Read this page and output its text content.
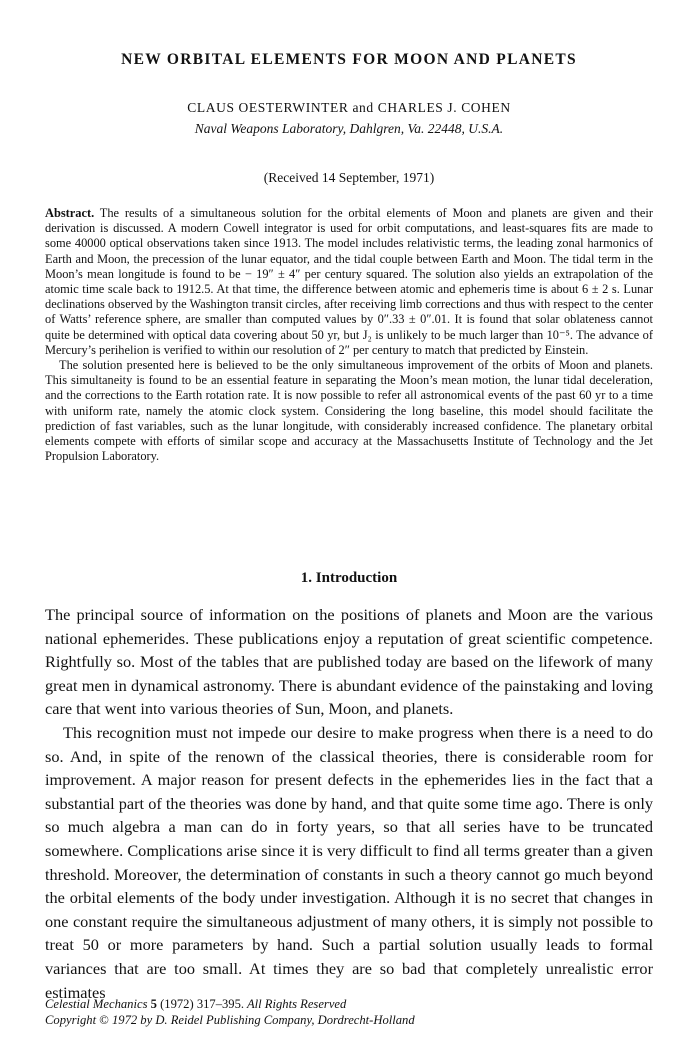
NEW ORBITAL ELEMENTS FOR MOON AND PLANETS
CLAUS OESTERWINTER and CHARLES J. COHEN
Naval Weapons Laboratory, Dahlgren, Va. 22448, U.S.A.
(Received 14 September, 1971)

Abstract. The results of a simultaneous solution for the orbital elements of Moon and planets are given and their derivation is discussed. A modern Cowell integrator is used for orbit computations, and least-squares fits are made to some 40000 optical observations taken since 1913. The model includes relativistic terms, the leading zonal harmonics of Earth and Moon, the precession of the lunar equator, and the tidal couple between Earth and Moon. The tidal term in the Moon’s mean longitude is found to be − 19″ ± 4″ per century squared. The solution also yields an extrapolation of the atomic time scale back to 1912.5. At that time, the difference between atomic and ephemeris time is about 6 ± 2 s. Lunar declinations observed by the Washington transit circles, after receiving limb corrections and thus with respect to the center of Watts’ reference sphere, are smaller than computed values by 0″.33 ± 0″.01. It is found that solar oblateness cannot quite be determined with optical data covering about 50 yr, but J₂ is unlikely to be much larger than 10⁻⁵. The advance of Mercury’s perihelion is verified to within our resolution of 2″ per century to match that predicted by Einstein.

The solution presented here is believed to be the only simultaneous improvement of the orbits of Moon and planets. This simultaneity is found to be an essential feature in separating the Moon’s mean motion, the lunar tidal deceleration, and the corrections to the Earth rotation rate. It is now possible to refer all astronomical events of the past 60 yr to a time with uniform rate, namely the atomic clock system. Considering the long baseline, this model should facilitate the prediction of fast variables, such as the lunar longitude, with considerably increased confidence. The planetary orbital elements compete with efforts of similar scope and accuracy at the Massachusetts Institute of Technology and the Jet Propulsion Laboratory.

1. Introduction

The principal source of information on the positions of planets and Moon are the various national ephemerides. These publications enjoy a reputation of great scientific competence. Rightfully so. Most of the tables that are published today are based on the lifework of many great men in dynamical astronomy. There is abundant evidence of the painstaking and loving care that went into various theories of Sun, Moon, and planets.

This recognition must not impede our desire to make progress when there is a need to do so. And, in spite of the renown of the classical theories, there is considerable room for improvement. A major reason for present defects in the ephemerides lies in the fact that a substantial part of the theories was done by hand, and that quite some time ago. There is only so much algebra a man can do in forty years, so that all series have to be truncated somewhere. Complications arise since it is very difficult to find all terms greater than a given threshold. Moreover, the determination of constants in such a theory cannot go much beyond the orbital elements of the body under investigation. Although it is no secret that changes in one constant require the simultaneous adjustment of many others, it is simply not possible to treat 50 or more parameters by hand. Such a partial solution usually leads to formal variances that are too small. At times they are so bad that completely unrealistic error estimates

Celestial Mechanics 5 (1972) 317–395. All Rights Reserved
Copyright © 1972 by D. Reidel Publishing Company, Dordrecht-Holland
